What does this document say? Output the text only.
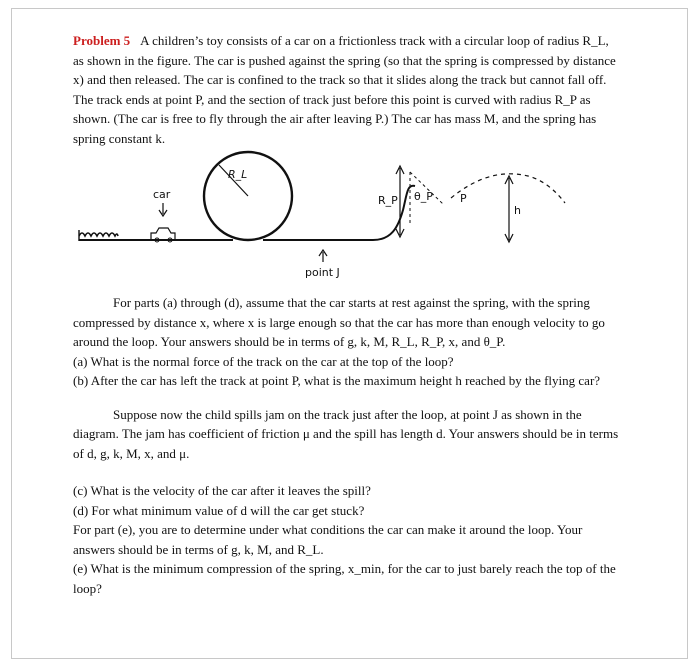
Problem 5 A children’s toy consists of a car on a frictionless track with a circular loop of radius R_L, as shown in the figure. The car is pushed against the spring (so that the spring is compressed by distance x) and then released. The car is confined to the track so that it slides along the track but cannot fall off. The track ends at point P, and the section of track just before this point is curved with radius R_P as shown. (The car is free to fly through the air after leaving P.) The car has mass M, and the spring has spring constant k.

car
R_L
R_P θ_P P
h
point J

For parts (a) through (d), assume that the car starts at rest against the spring, with the spring compressed by distance x, where x is large enough so that the car has more than enough velocity to go around the loop. Your answers should be in terms of g, k, M, R_L, R_P, x, and θ_P.

(a) What is the normal force of the track on the car at the top of the loop?

(b) After the car has left the track at point P, what is the maximum height h reached by the flying car?

Suppose now the child spills jam on the track just after the loop, at point J as shown in the diagram. The jam has coefficient of friction μ and the spill has length d. Your answers should be in terms of d, g, k, M, x, and μ.

(c) What is the velocity of the car after it leaves the spill?

(d) For what minimum value of d will the car get stuck?

For part (e), you are to determine under what conditions the car can make it around the loop. Your answers should be in terms of g, k, M, and R_L.

(e) What is the minimum compression of the spring, x_min, for the car to just barely reach the top of the loop?
